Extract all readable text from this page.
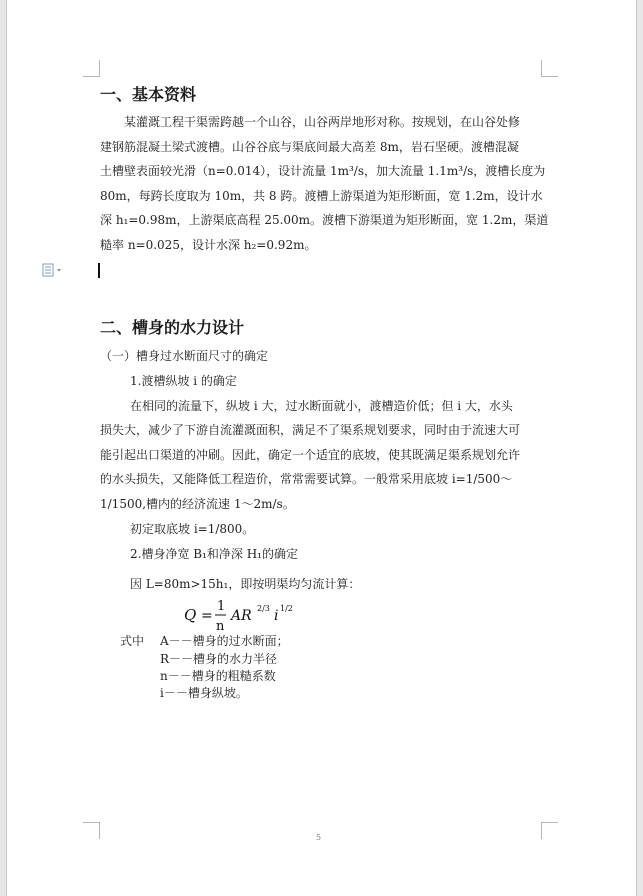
一、基本资料
某灌溉工程干渠需跨越一个山谷，山谷两岸地形对称。按规划，在山谷处修
建钢筋混凝土梁式渡槽。山谷谷底与渠底间最大高差 8m，岩石坚硬。渡槽混凝
土槽壁表面较光滑（n=0.014），设计流量 1m³/s，加大流量 1.1m³/s，渡槽长度为
80m，每跨长度取为 10m，共 8 跨。渡槽上游渠道为矩形断面，宽 1.2m，设计水
深 h₁=0.98m，上游渠底高程 25.00m。渡槽下游渠道为矩形断面，宽 1.2m，渠道
糙率 n=0.025，设计水深 h₂=0.92m。
二、槽身的水力设计
（一）槽身过水断面尺寸的确定
1.渡槽纵坡 i 的确定
在相同的流量下，纵坡 i 大，过水断面就小，渡槽造价低；但 i 大，水头
损失大，减少了下游自流灌溉面积，满足不了渠系规划要求，同时由于流速大可
能引起出口渠道的冲刷。因此，确定一个适宜的底坡，使其既满足渠系规划允许
的水头损失，又能降低工程造价，常常需要试算。一般常采用底坡 i=1/500～
1/1500,槽内的经济流速 1～2m/s。
初定取底坡 i=1/800。
2.槽身净宽 B₁和净深 H₁的确定
因 L=80m>15h₁，即按明渠均匀流计算：
Q =
1
n
AR 2/3 i 1/2
式中 A－－槽身的过水断面；
R－－槽身的水力半径
n－－槽身的粗糙系数
i－－槽身纵坡。
5
